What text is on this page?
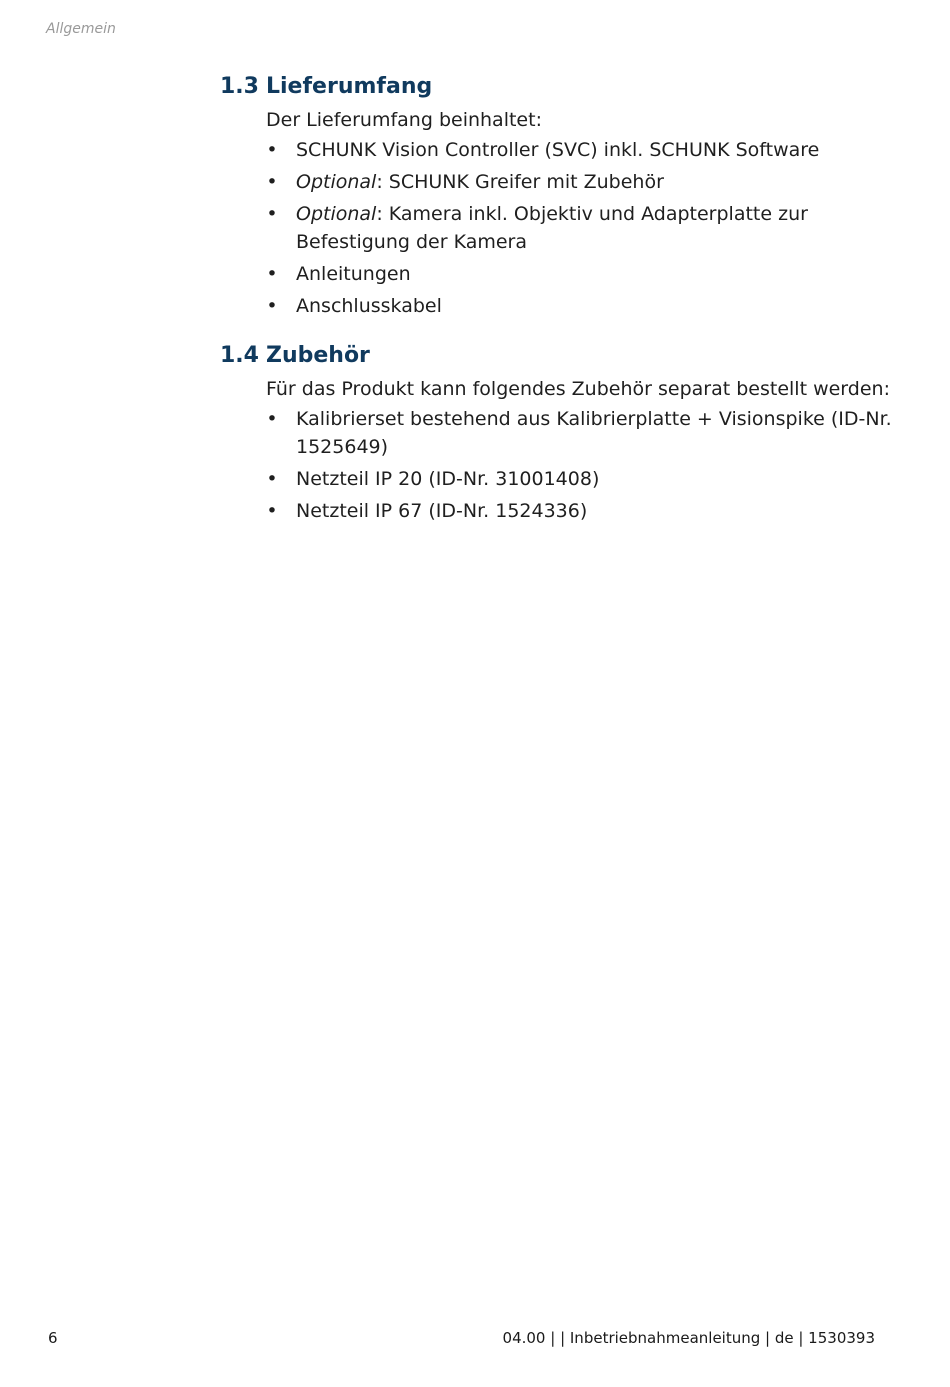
Allgemein
1.3 Lieferumfang
Der Lieferumfang beinhaltet:
• SCHUNK Vision Controller (SVC) inkl. SCHUNK Software
• Optional: SCHUNK Greifer mit Zubehör
• Optional: Kamera inkl. Objektiv und Adapterplatte zur Befestigung der Kamera
• Anleitungen
• Anschlusskabel
1.4 Zubehör
Für das Produkt kann folgendes Zubehör separat bestellt werden:
• Kalibrierset bestehend aus Kalibrierplatte + Visionspike (ID-Nr. 1525649)
• Netzteil IP 20 (ID-Nr. 31001408)
• Netzteil IP 67 (ID-Nr. 1524336)
6	04.00 | | Inbetriebnahmeanleitung | de | 1530393
